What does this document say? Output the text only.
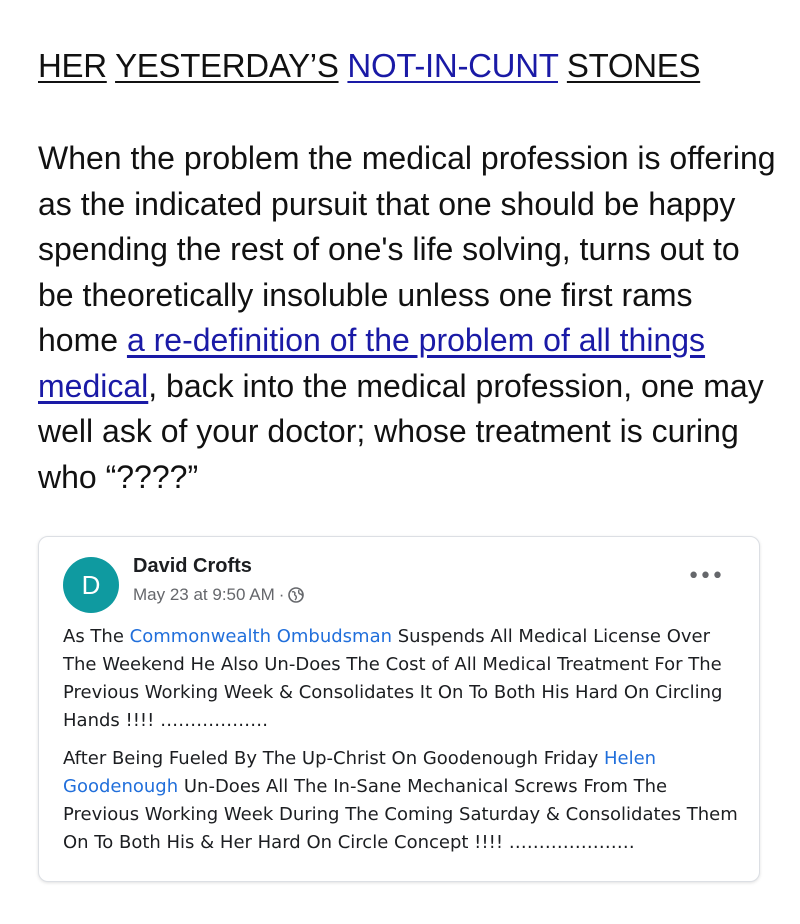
HER YESTERDAY’S NOT-IN-CUNT STONES
When the problem the medical profession is offering as the indicated pursuit that one should be happy spending the rest of one's life solving, turns out to be theoretically insoluble unless one first rams home a re-definition of the problem of all things medical, back into the medical profession, one may well ask of your doctor; whose treatment is curing who “????”
D
David Crofts
May 23 at 9:50 AM ·
•••
As The Commonwealth Ombudsman Suspends All Medical License Over The Weekend He Also Un-Does The Cost of All Medical Treatment For The Previous Working Week & Consolidates It On To Both His Hard On Circling Hands !!!! ………………
After Being Fueled By The Up-Christ On Goodenough Friday Helen Goodenough Un-Does All The In-Sane Mechanical Screws From The Previous Working Week During The Coming Saturday & Consolidates Them On To Both His & Her Hard On Circle Concept !!!! …………………
